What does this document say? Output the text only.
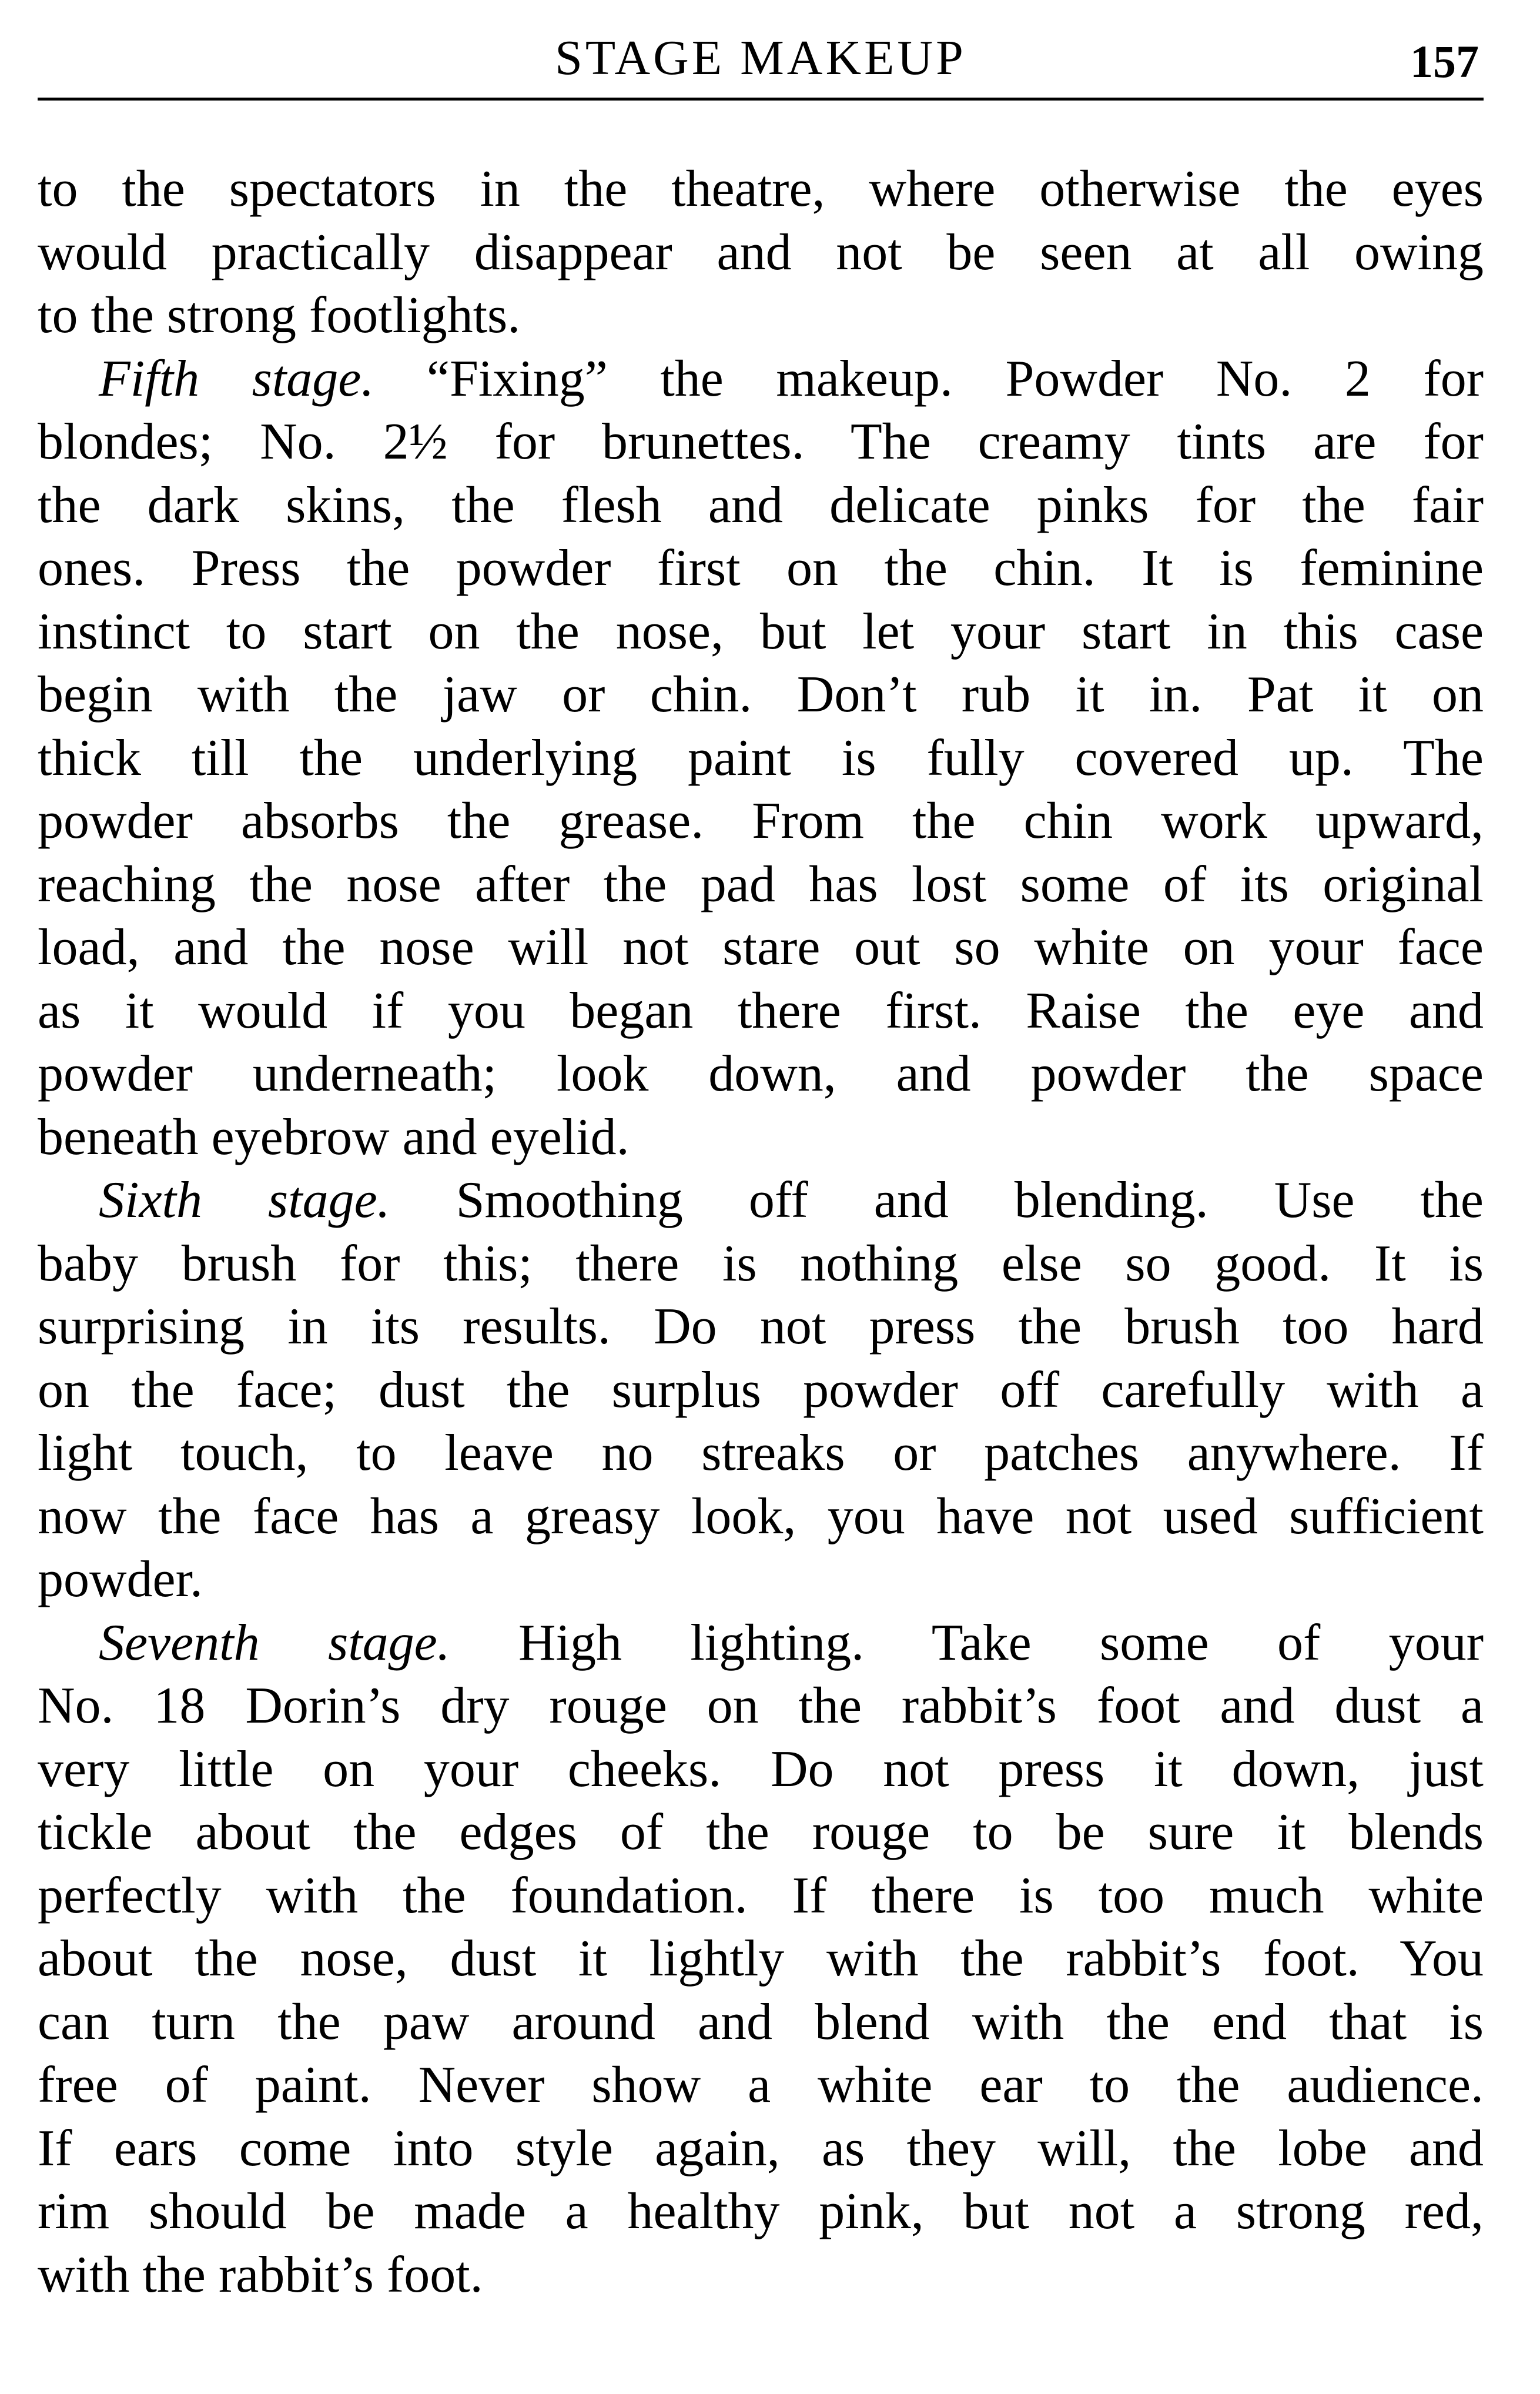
STAGE MAKEUP	157
to the spectators in the theatre, where otherwise the eyes
would practically disappear and not be seen at all owing
to the strong footlights.
Fifth stage. “Fixing” the makeup. Powder No. 2 for
blondes; No. 2½ for brunettes. The creamy tints are for
the dark skins, the flesh and delicate pinks for the fair
ones. Press the powder first on the chin. It is feminine
instinct to start on the nose, but let your start in this case
begin with the jaw or chin. Don’t rub it in. Pat it on
thick till the underlying paint is fully covered up. The
powder absorbs the grease. From the chin work upward,
reaching the nose after the pad has lost some of its original
load, and the nose will not stare out so white on your face
as it would if you began there first. Raise the eye and
powder underneath; look down, and powder the space
beneath eyebrow and eyelid.
Sixth stage. Smoothing off and blending. Use the
baby brush for this; there is nothing else so good. It is
surprising in its results. Do not press the brush too hard
on the face; dust the surplus powder off carefully with a
light touch, to leave no streaks or patches anywhere. If
now the face has a greasy look, you have not used sufficient
powder.
Seventh stage. High lighting. Take some of your
No. 18 Dorin’s dry rouge on the rabbit’s foot and dust a
very little on your cheeks. Do not press it down, just
tickle about the edges of the rouge to be sure it blends
perfectly with the foundation. If there is too much white
about the nose, dust it lightly with the rabbit’s foot. You
can turn the paw around and blend with the end that is
free of paint. Never show a white ear to the audience.
If ears come into style again, as they will, the lobe and
rim should be made a healthy pink, but not a strong red,
with the rabbit’s foot.
